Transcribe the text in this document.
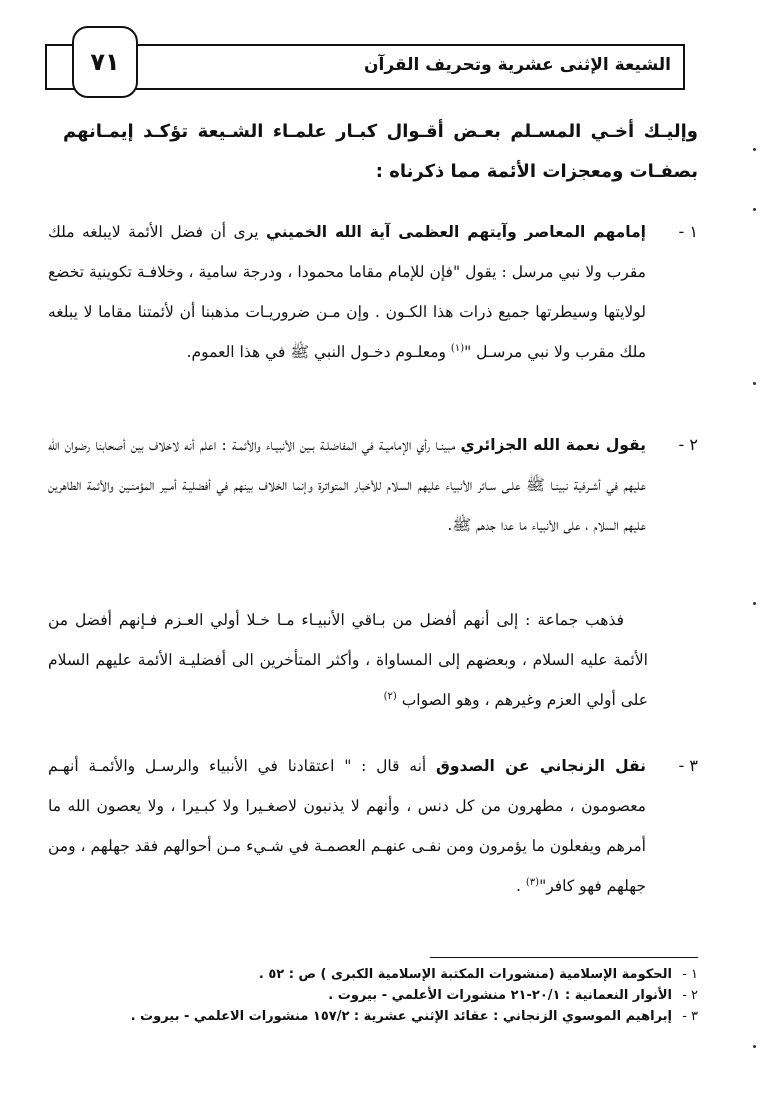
الشيعة الإثنى عشرية وتحريف القرآن
٧١
وإليـك أخـي المسـلم بعـض أقـوال كبـار علمـاء الشـيعة تؤكـد إيمـانهم بصفـات ومعجزات الأئمة مما ذكرناه :
١ -
إمامهم المعاصر وآيتهم العظمى آية الله الخميني يرى أن فضل الأئمة لايبلغه ملك مقرب ولا نبي مرسل : يقول "فإن للإمام مقاما محمودا ، ودرجة سامية ، وخلافـة تكوينية تخضع لولايتها وسيطرتها جميع ذرات هذا الكـون . وإن مـن ضروريـات مذهبنا أن لأئمتنا مقاما لا يبلغه ملك مقرب ولا نبي مرسـل "$^{(١)}$ ومعلـوم دخـول النبي ﷺ في هذا العموم.
٢ -
يقول نعمة الله الجزائري مبينـا رأي الإماميـة في المفاضلـة بـين الأنبيـاء والأئمـة : اعلم أنه لاخلاف بين أصحابنا رضوان الله عليهم في أشـرفية نبينـا ﷺ علـى سـائر الأنبياء عليهم السلام للأخبار المتواترة وإنما الخلاف بينهم في أفضليـة أمـير المؤمنـين والأئمة الطاهرين عليهم السلام ، على الأنبياء ما عدا جدهم ﷺ.
فذهب جماعة : إلى أنهم أفضل من بـاقي الأنبيـاء مـا خـلا أولي العـزم فـإنهم أفضل من الأئمة عليه السلام ، وبعضهم إلى المساواة ، وأكثر المتأخرين الى أفضليـة الأئمة عليهم السلام على أولي العزم وغيرهم ، وهو الصواب $^{(٢)}$
٣ -
نقل الزنجاني عن الصدوق أنه قال : " اعتقادنا في الأنبياء والرسـل والأئمـة أنهـم معصومون ، مطهرون من كل دنس ، وأنهم لا يذنبون لاصغـيرا ولا كبـيرا ، ولا يعصون الله ما أمرهم ويفعلون ما يؤمرون ومن نفـى عنهـم العصمـة في شـيء مـن أحوالهم فقد جهلهم ، ومن جهلهم فهو كافر"$^{(٣)}$ .
١ -الحكومة الإسلامية (منشورات المكتبة الإسلامية الكبرى ) ص : ٥٢ .
٢ -الأنوار النعمانية : ٢٠/١-٢١ منشورات الأعلمي - بيروت .
٣ -إبراهيم الموسوي الزنجاني : عقائد الإثني عشرية : ١٥٧/٢ منشورات الاعلمي - بيروت .
